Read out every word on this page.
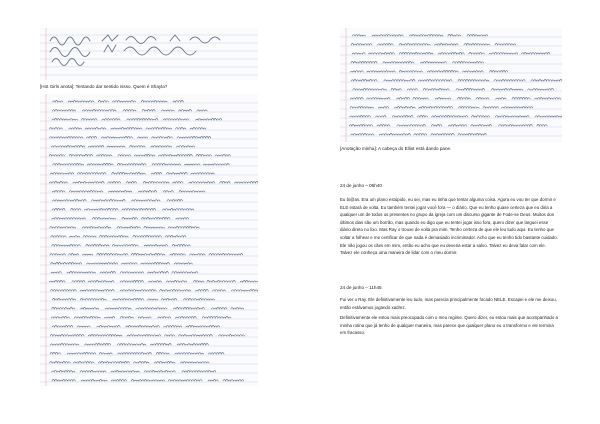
[Hot Girls anota]: Tentando dar sentido nisso. Quem é Shayla?

[Anotação minha]: A cabeça do Elliot está dando pane.

24 de junho – 06h40

Eu bi@as. Era um plano estúpido, eu sei, mas eu tinha que tentar alguma coisa. Agora eu vou ter que dormir e ELE estará de volta. Eu também tentei jogar você fora — o diário. Que eu tenho quase certeza que eu diria a qualquer um de todos os presentes no grupo da igreja com um discurso gigante de Fode-se Deus. Muitos dos últimos dias são um borrão, mas quando eu digo que eu tentei jogar isso fora, quero dizer que larguei esse diário direto no lixo. Mas Ray o trouxe de volta pra mim. Tenho certeza de que ele leu tudo aqui. Eu tenho que voltar a folhear e me certificar de que nada é demasiado incriminador. Acho que eu tenho tido bastante cuidado. Ele não jogou os cães em mim, então eu acho que eu deveria estar a salvo. Talvez eu deva falar com ele. Talvez ele conheça uma maneira de lidar com o meu dormir.

24 de junho – 11h45

Fui ver o Ray. Ele definitivamente leu tudo, mas parecia principalmente focado NELE. Escapei e ele me deixou, então estávamos jogando xadrez.

Definitivamente ele estou mais preocupado com o meu regime. Quero dizer, eu estou mais que acompanhado a minha rotina que já tenho de qualquer maneira, mas parece que qualquer plano eu o transformo e ele termina em fracasso.
